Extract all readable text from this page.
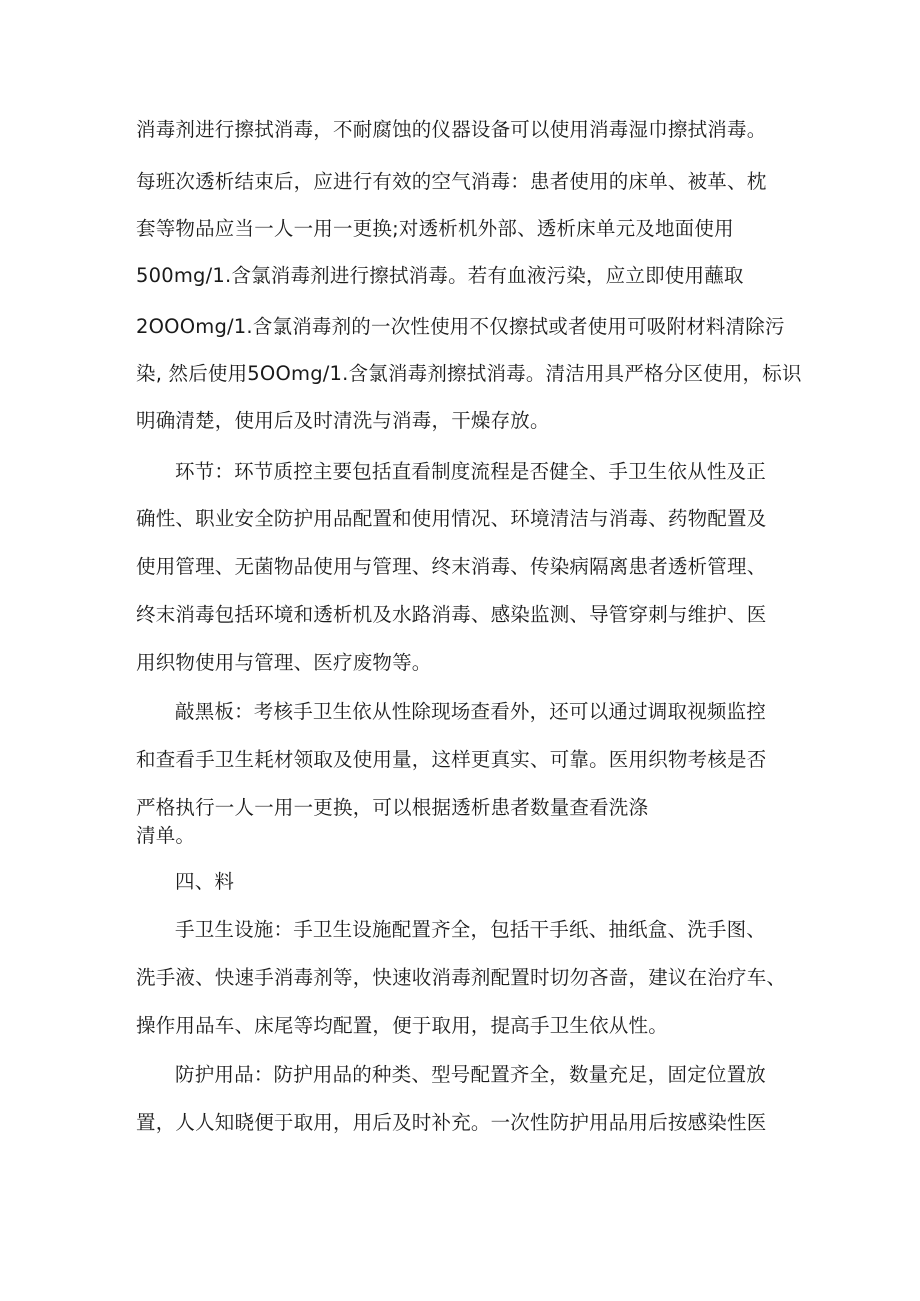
消毒剂进行擦拭消毒，不耐腐蚀的仪器设备可以使用消毒湿巾擦拭消毒。
每班次透析结束后，应进行有效的空气消毒：患者使用的床单、被革、枕
套等物品应当一人一用一更换;对透析机外部、透析床单元及地面使用
500mg/1.含氯消毒剂进行擦拭消毒。若有血液污染，应立即使用蘸取
2OOOmg/1.含氯消毒剂的一次性使用不仅擦拭或者使用可吸附材料清除污
染, 然后使用5OOmg/1.含氯消毒剂擦拭消毒。清洁用具严格分区使用，标识
明确清楚，使用后及时清洗与消毒，干燥存放。
环节：环节质控主要包括直看制度流程是否健全、手卫生依从性及正
确性、职业安全防护用品配置和使用情况、环境清洁与消毒、药物配置及
使用管理、无菌物品使用与管理、终末消毒、传染病隔离患者透析管理、
终末消毒包括环境和透析机及水路消毒、感染监测、导管穿刺与维护、医
用织物使用与管理、医疗废物等。
敲黑板：考核手卫生依从性除现场查看外，还可以通过调取视频监控
和查看手卫生耗材领取及使用量，这样更真实、可靠。医用织物考核是否
严格执行一人一用一更换，可以根据透析患者数量查看洗涤
清单。
四、料
手卫生设施：手卫生设施配置齐全，包括干手纸、抽纸盒、洗手图、
洗手液、快速手消毒剂等，快速收消毒剂配置时切勿吝啬，建议在治疗车、
操作用品车、床尾等均配置，便于取用，提高手卫生依从性。
防护用品：防护用品的种类、型号配置齐全，数量充足，固定位置放
置，人人知晓便于取用，用后及时补充。一次性防护用品用后按感染性医
